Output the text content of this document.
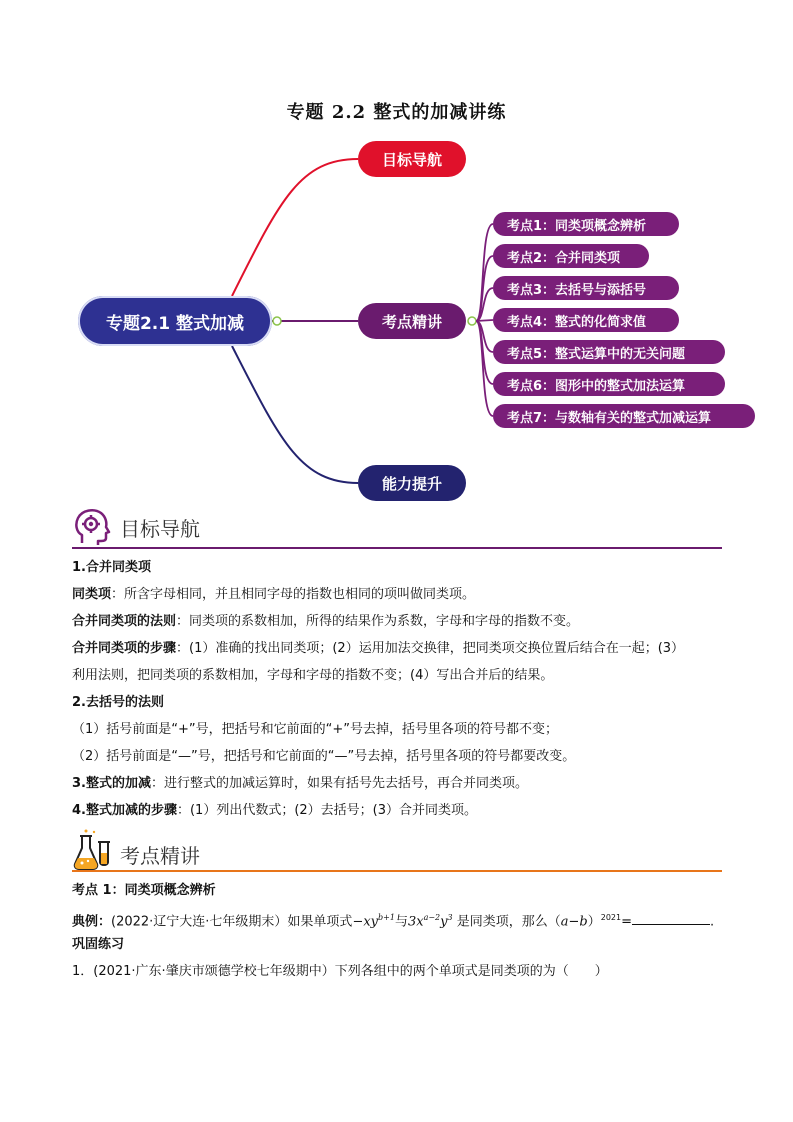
专题 2.2 整式的加减讲练
专题2.1 整式加减
目标导航
考点精讲
能力提升
考点1：同类项概念辨析
考点2：合并同类项
考点3：去括号与添括号
考点4：整式的化简求值
考点5：整式运算中的无关问题
考点6：图形中的整式加法运算
考点7：与数轴有关的整式加减运算
目标导航
1.合并同类项
同类项：所含字母相同，并且相同字母的指数也相同的项叫做同类项。
合并同类项的法则：同类项的系数相加，所得的结果作为系数，字母和字母的指数不变。
合并同类项的步骤：(1）准确的找出同类项；(2）运用加法交换律，把同类项交换位置后结合在一起；(3）
利用法则，把同类项的系数相加，字母和字母的指数不变；(4）写出合并后的结果。
2.去括号的法则
（1）括号前面是“+”号，把括号和它前面的“+”号去掉，括号里各项的符号都不变；
（2）括号前面是“—”号，把括号和它前面的“—”号去掉，括号里各项的符号都要改变。
3.整式的加减：进行整式的加减运算时，如果有括号先去括号，再合并同类项。
4.整式加减的步骤：(1）列出代数式；(2）去括号；(3）合并同类项。
考点精讲
考点 1：同类项概念辨析
典例：(2022·辽宁大连·七年级期末）如果单项式$-xy^{b+1}$与$3x^{a-2}y^3$ 是同类项，那么$(a-b)^{2021}=$	.
巩固练习
1．(2021·广东·肇庆市颂德学校七年级期中）下列各组中的两个单项式是同类项的为（　　）
